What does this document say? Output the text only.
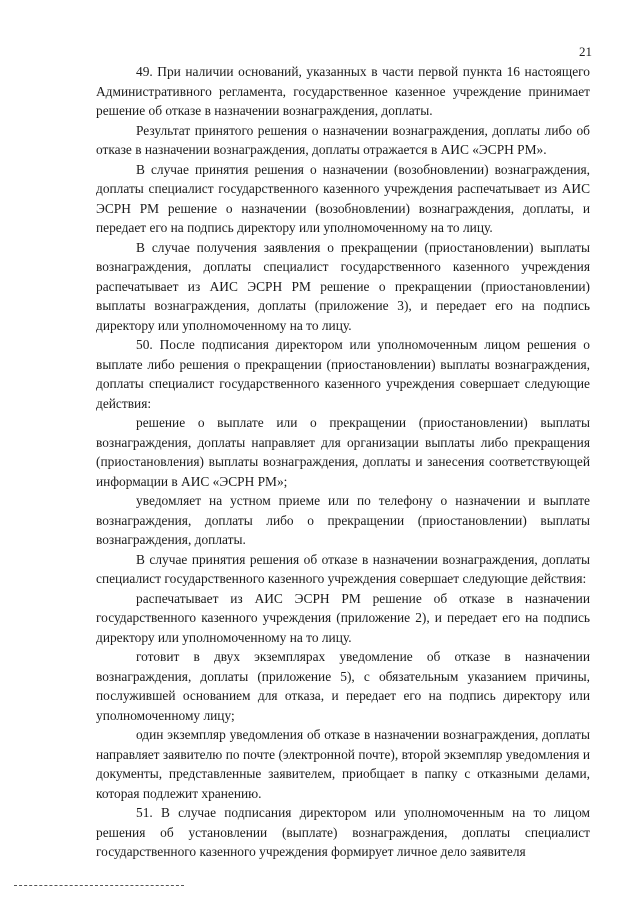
21

49. При наличии оснований, указанных в части первой пункта 16 настоящего Административного регламента, государственное казенное учреждение принимает решение об отказе в назначении вознаграждения, доплаты.

Результат принятого решения о назначении вознаграждения, доплаты либо об отказе в назначении вознаграждения, доплаты отражается в АИС «ЭСРН РМ».

В случае принятия решения о назначении (возобновлении) вознаграждения, доплаты специалист государственного казенного учреждения распечатывает из АИС ЭСРН РМ решение о назначении (возобновлении) вознаграждения, доплаты, и передает его на подпись директору или уполномоченному на то лицу.

В случае получения заявления о прекращении (приостановлении) выплаты вознаграждения, доплаты специалист государственного казенного учреждения распечатывает из АИС ЭСРН РМ решение о прекращении (приостановлении) выплаты вознаграждения, доплаты (приложение 3), и передает его на подпись директору или уполномоченному на то лицу.

50. После подписания директором или уполномоченным лицом решения о выплате либо решения о прекращении (приостановлении) выплаты вознаграждения, доплаты специалист государственного казенного учреждения совершает следующие действия:

решение о выплате или о прекращении (приостановлении) выплаты вознаграждения, доплаты направляет для организации выплаты либо прекращения (приостановления) выплаты вознаграждения, доплаты и занесения соответствующей информации в АИС «ЭСРН РМ»;

уведомляет на устном приеме или по телефону о назначении и выплате вознаграждения, доплаты либо о прекращении (приостановлении) выплаты вознаграждения, доплаты.

В случае принятия решения об отказе в назначении вознаграждения, доплаты специалист государственного казенного учреждения совершает следующие действия:

распечатывает из АИС ЭСРН РМ решение об отказе в назначении государственного казенного учреждения (приложение 2), и передает его на подпись директору или уполномоченному на то лицу.

готовит в двух экземплярах уведомление об отказе в назначении вознаграждения, доплаты (приложение 5), с обязательным указанием причины, послужившей основанием для отказа, и передает его на подпись директору или уполномоченному лицу;

один экземпляр уведомления об отказе в назначении вознаграждения, доплаты направляет заявителю по почте (электронной почте), второй экземпляр уведомления и документы, представленные заявителем, приобщает в папку с отказными делами, которая подлежит хранению.

51. В случае подписания директором или уполномоченным на то лицом решения об установлении (выплате) вознаграждения, доплаты специалист государственного казенного учреждения формирует личное дело заявителя
